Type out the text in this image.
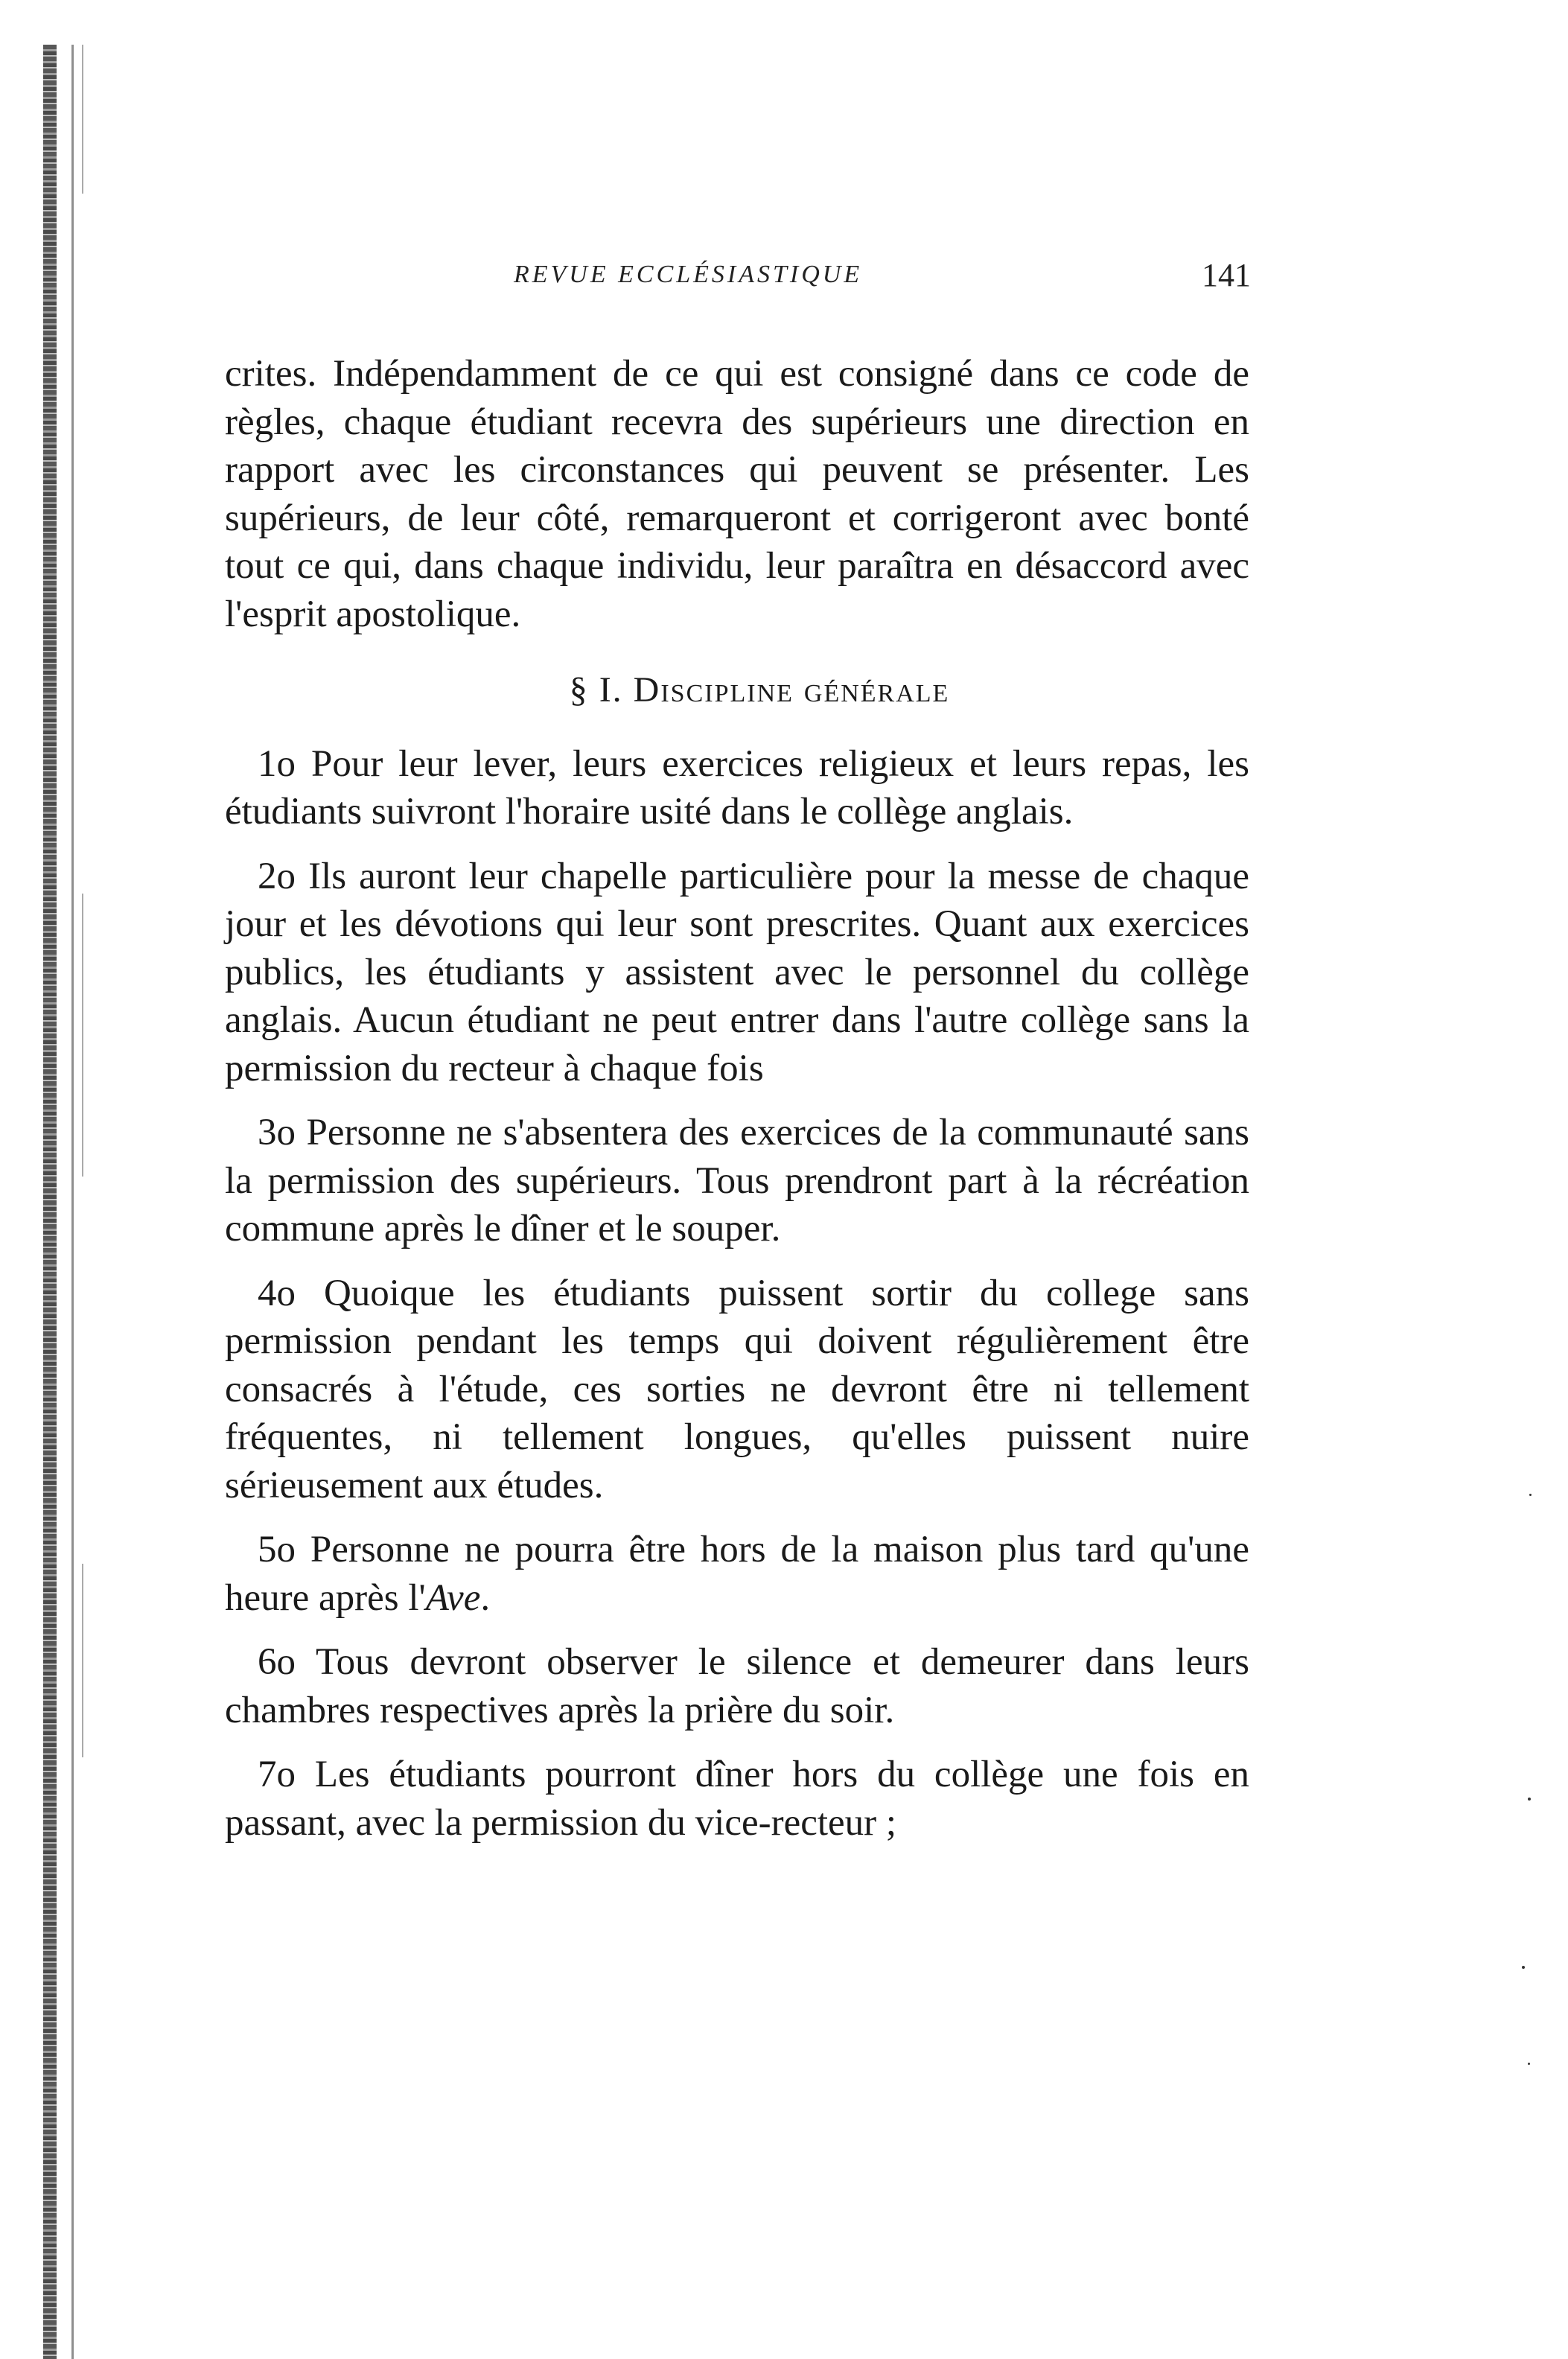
REVUE ECCLÉSIASTIQUE	141

crites. Indépendamment de ce qui est consigné dans ce code de règles, chaque étudiant recevra des supérieurs une direction en rapport avec les circonstances qui peuvent se présenter. Les supérieurs, de leur côté, remarqueront et corrigeront avec bonté tout ce qui, dans chaque individu, leur paraîtra en désaccord avec l'esprit apostolique.

§ I. Discipline générale

1o Pour leur lever, leurs exercices religieux et leurs repas, les étudiants suivront l'horaire usité dans le collège anglais.

2o Ils auront leur chapelle particulière pour la messe de chaque jour et les dévotions qui leur sont prescrites. Quant aux exercices publics, les étudiants y assistent avec le personnel du collège anglais. Aucun étudiant ne peut entrer dans l'autre collège sans la permission du recteur à chaque fois

3o Personne ne s'absentera des exercices de la communauté sans la permission des supérieurs. Tous prendront part à la récréation commune après le dîner et le souper.

4o Quoique les étudiants puissent sortir du college sans permission pendant les temps qui doivent régulièrement être consacrés à l'étude, ces sorties ne devront être ni tellement fréquentes, ni tellement longues, qu'elles puissent nuire sérieusement aux études.

5o Personne ne pourra être hors de la maison plus tard qu'une heure après l'Ave.

6o Tous devront observer le silence et demeurer dans leurs chambres respectives après la prière du soir.

7o Les étudiants pourront dîner hors du collège une fois en passant, avec la permission du vice-recteur ;
